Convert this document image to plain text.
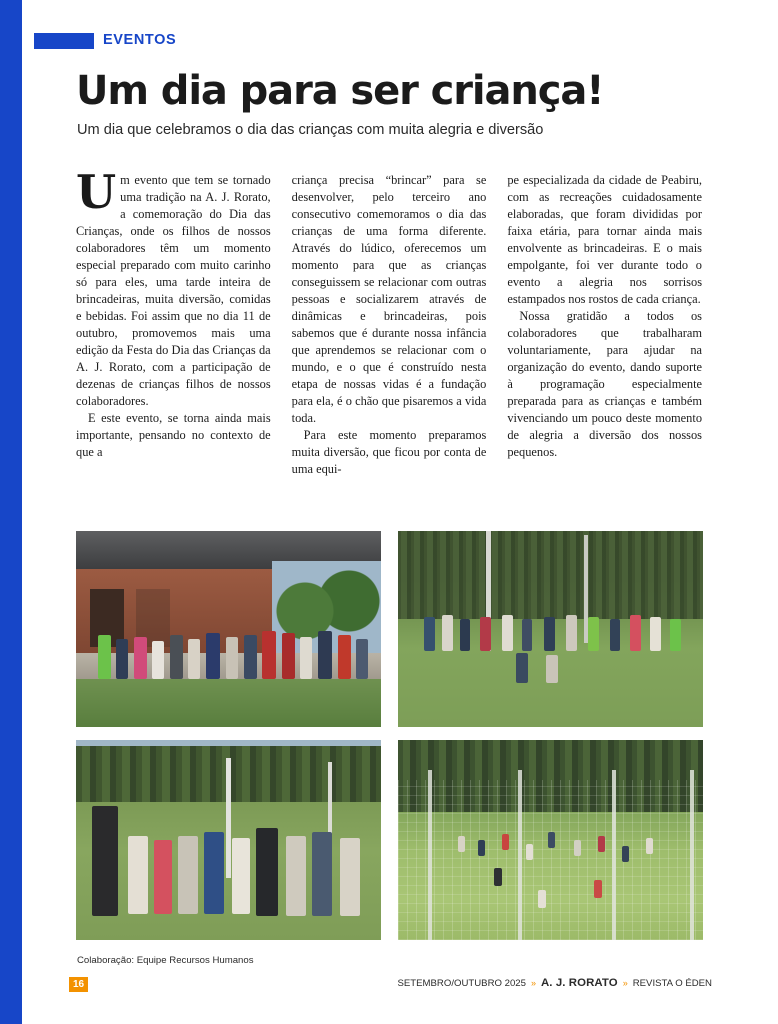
EVENTOS
Um dia para ser criança!
Um dia que celebramos o dia das crianças com muita alegria e diversão

U m evento que tem se tornado uma tradição na A. J. Rorato, a comemoração do Dia das Crianças, onde os filhos de nossos colaboradores têm um momento especial preparado com muito carinho só para eles, uma tarde inteira de brincadeiras, muita diversão, comidas e bebidas. Foi assim que no dia 11 de outubro, promovemos mais uma edição da Festa do Dia das Crianças da A. J. Rorato, com a participação de dezenas de crianças filhos de nossos colaboradores.

E este evento, se torna ainda mais importante, pensando no contexto de que a

criança precisa “brincar” para se desenvolver, pelo terceiro ano consecutivo comemoramos o dia das crianças de uma forma diferente. Através do lúdico, oferecemos um momento para que as crianças conseguissem se relacionar com outras pessoas e socializarem através de dinâmicas e brincadeiras, pois sabemos que é durante nossa infância que aprendemos se relacionar com o mundo, e o que é construído nesta etapa de nossas vidas é a fundação para ela, é o chão que pisaremos a vida toda.

Para este momento preparamos muita diversão, que ficou por conta de uma equi-

pe especializada da cidade de Peabiru, com as recreações cuidadosamente elaboradas, que foram divididas por faixa etária, para tornar ainda mais envolvente as brincadeiras. E o mais empolgante, foi ver durante todo o evento a alegria nos sorrisos estampados nos rostos de cada criança.

Nossa gratidão a todos os colaboradores que trabalharam voluntariamente, para ajudar na organização do evento, dando suporte à programação especialmente preparada para as crianças e também vivenciando um pouco deste momento de alegria a diversão dos nossos pequenos.

Colaboração: Equipe Recursos Humanos
16	SETEMBRO/OUTUBRO 2025 » A. J. RORATO » REVISTA O ÉDEN
